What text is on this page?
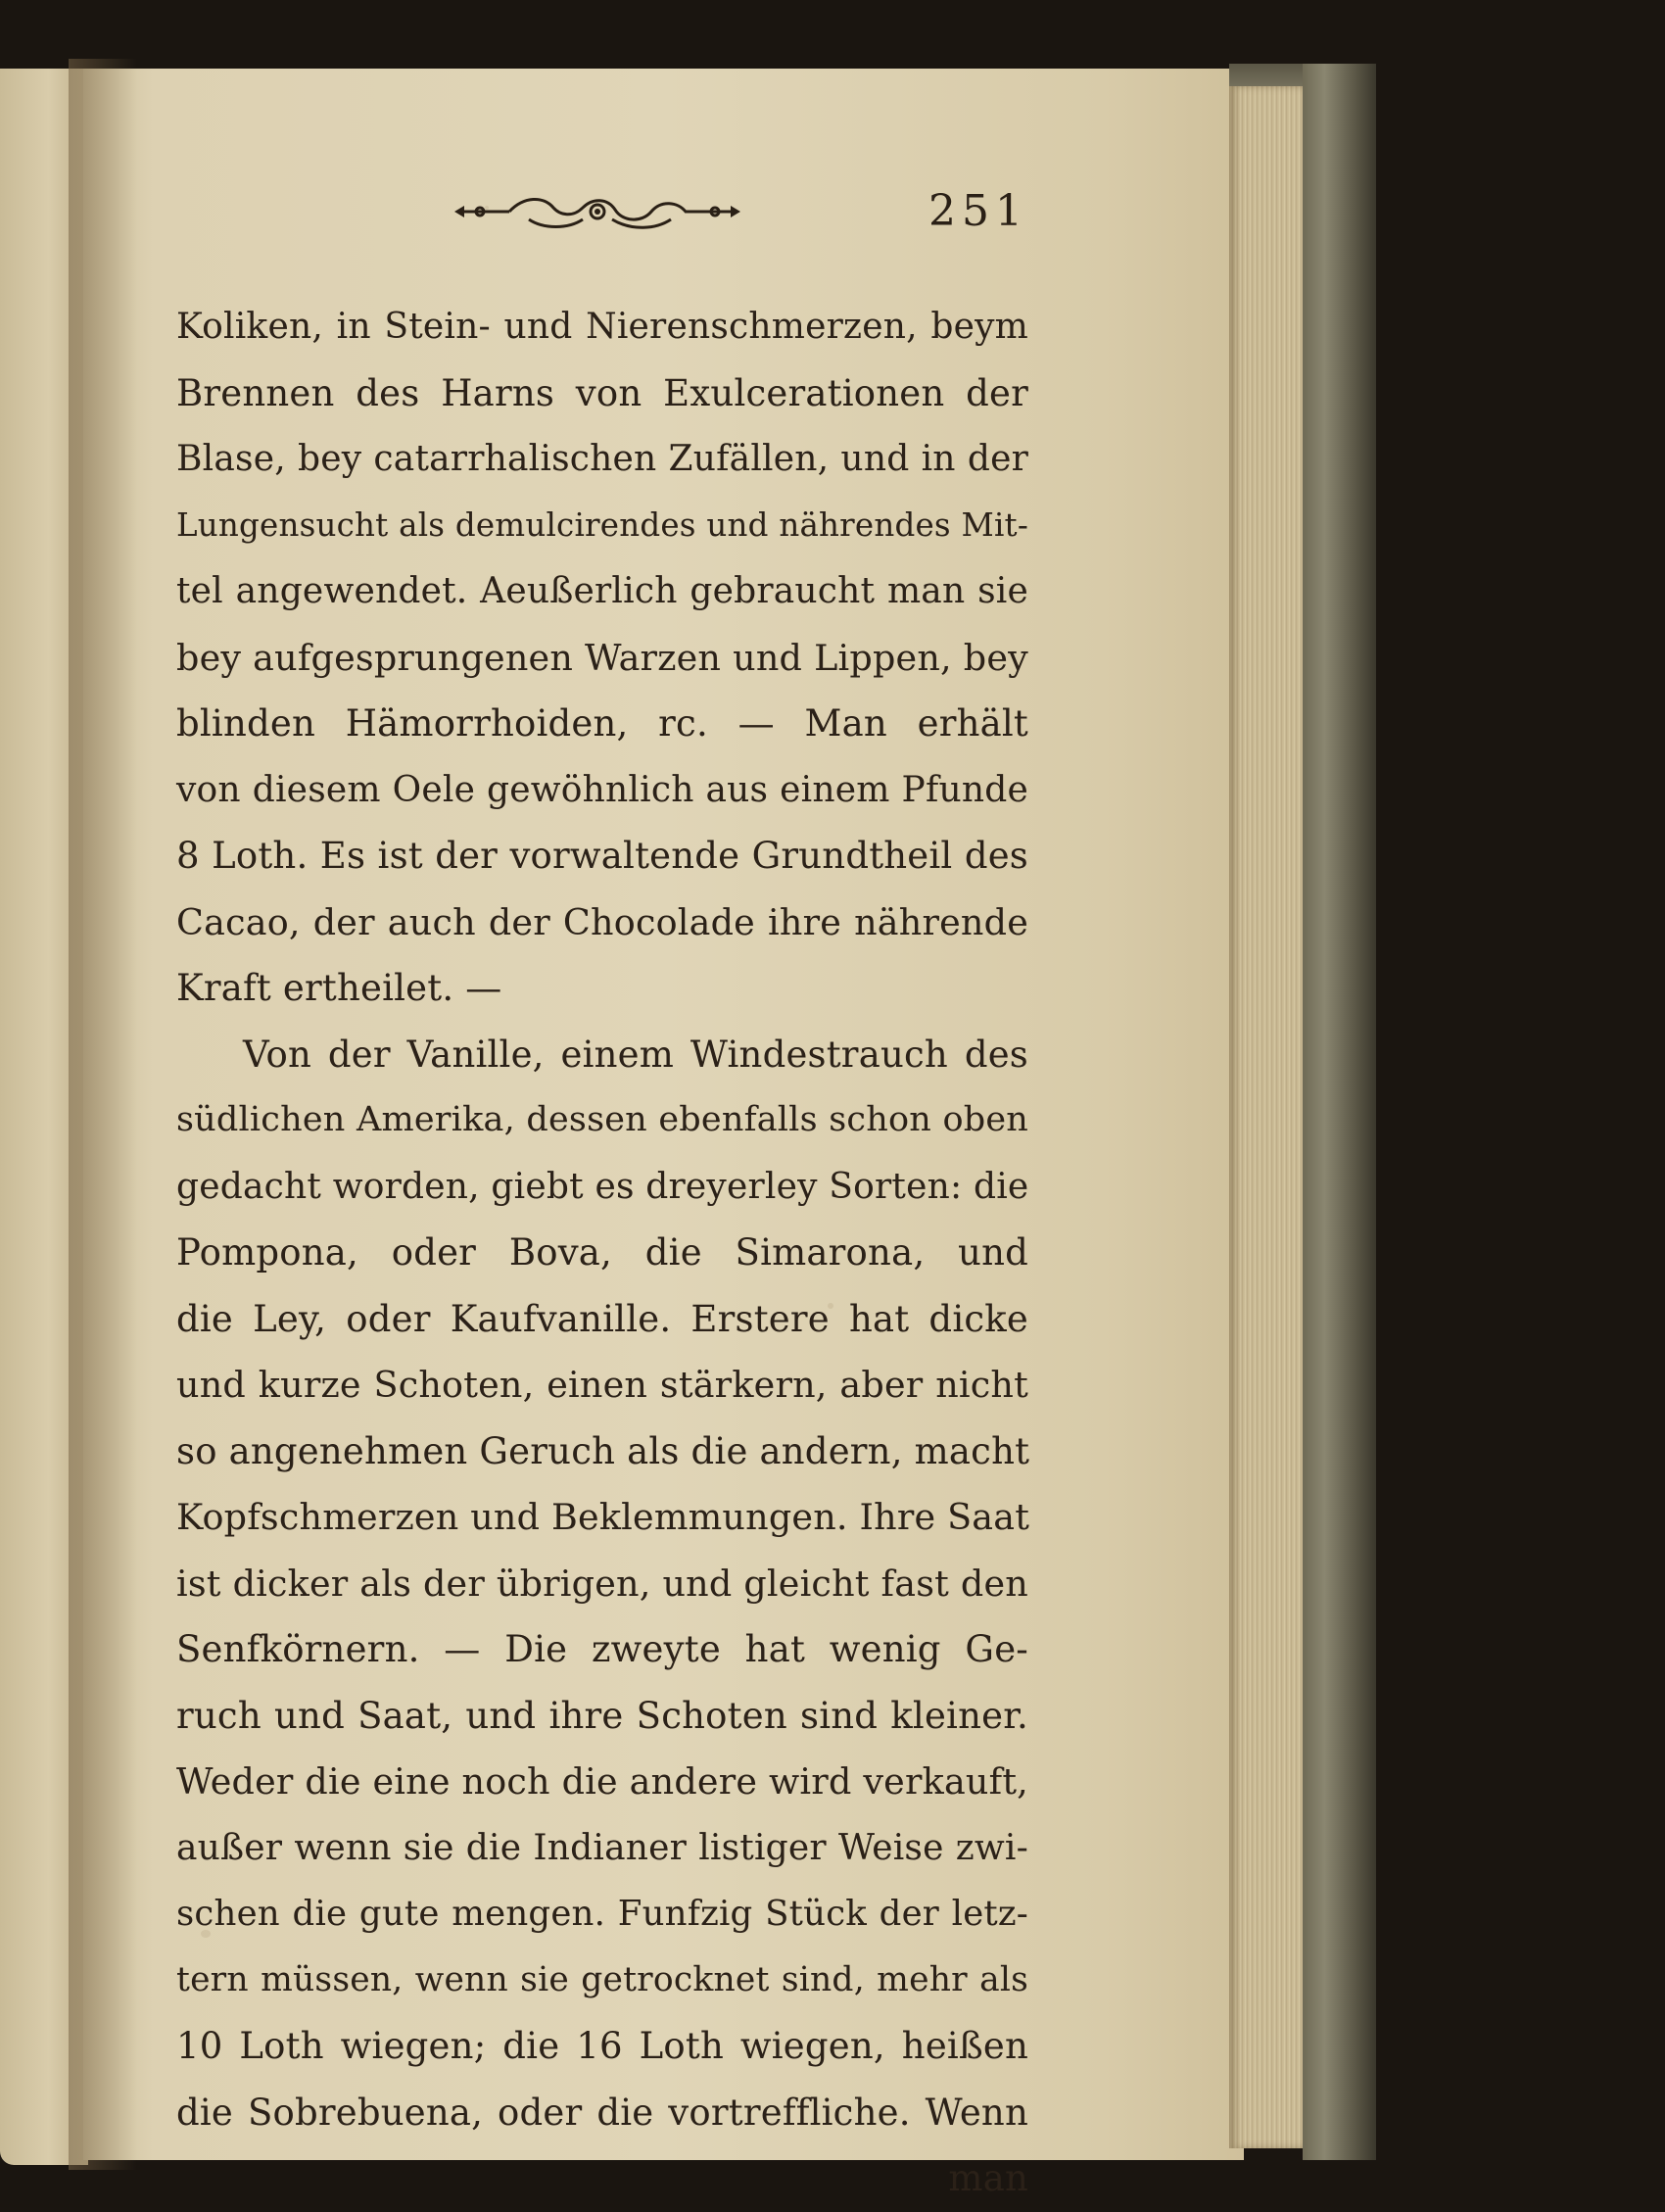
251
Koliken, in Stein- und Nierenschmerzen, beym
Brennen des Harns von Exulcerationen der
Blase, bey catarrhalischen Zufällen, und in der
Lungensucht als demulcirendes und nährendes Mit-
tel angewendet. Aeußerlich gebraucht man sie
bey aufgesprungenen Warzen und Lippen, bey
blinden Hämorrhoiden, rc. — Man erhält
von diesem Oele gewöhnlich aus einem Pfunde
8 Loth. Es ist der vorwaltende Grundtheil des
Cacao, der auch der Chocolade ihre nährende
Kraft ertheilet. —
Von der Vanille, einem Windestrauch des
südlichen Amerika, dessen ebenfalls schon oben
gedacht worden, giebt es dreyerley Sorten: die
Pompona, oder Bova, die Simarona, und
die Ley, oder Kaufvanille. Erstere hat dicke
und kurze Schoten, einen stärkern, aber nicht
so angenehmen Geruch als die andern, macht
Kopfschmerzen und Beklemmungen. Ihre Saat
ist dicker als der übrigen, und gleicht fast den
Senfkörnern. — Die zweyte hat wenig Ge-
ruch und Saat, und ihre Schoten sind kleiner.
Weder die eine noch die andere wird verkauft,
außer wenn sie die Indianer listiger Weise zwi-
schen die gute mengen. Funfzig Stück der letz-
tern müssen, wenn sie getrocknet sind, mehr als
10 Loth wiegen; die 16 Loth wiegen, heißen
die Sobrebuena, oder die vortreffliche. Wenn
man
